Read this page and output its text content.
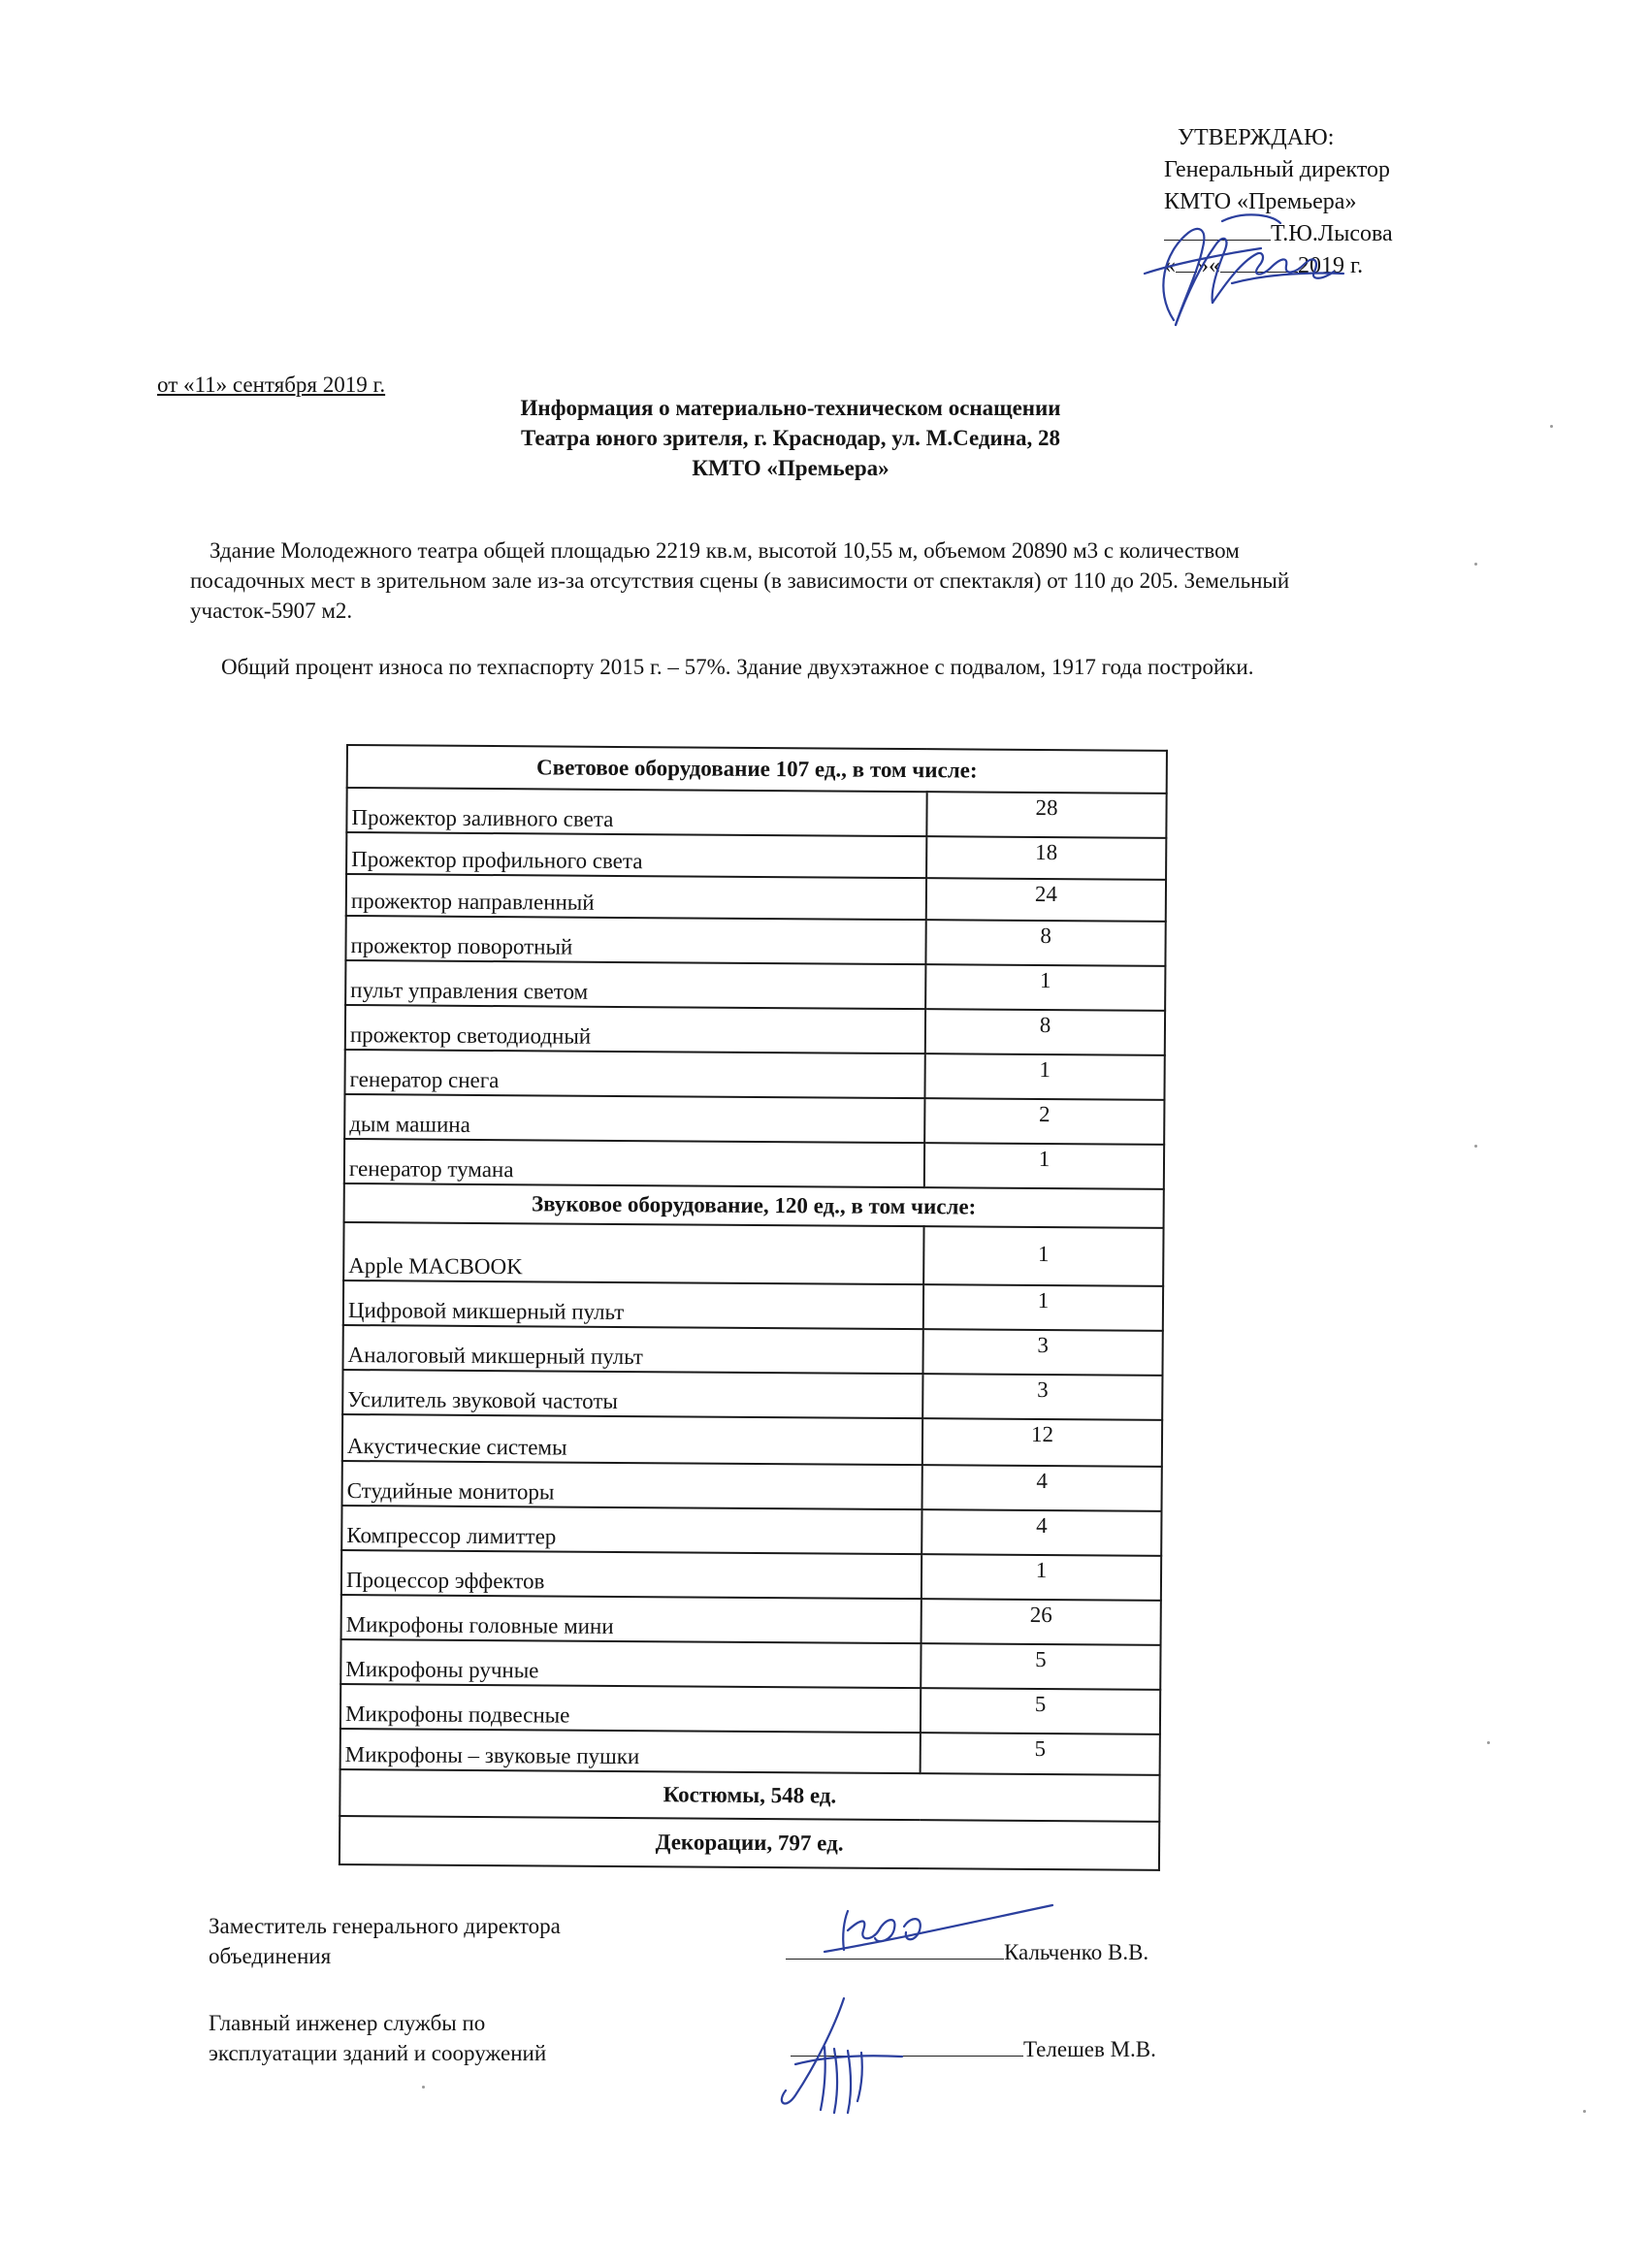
УТВЕРЖДАЮ:
Генеральный директор
КМТО «Премьера»
Т.Ю.Лысова
« »«	2019 г.
от «11» сентября 2019 г.
Информация о материально-техническом оснащении
Театра юного зрителя, г. Краснодар, ул. М.Седина, 28
КМТО «Премьера»
Здание Молодежного театра общей площадью 2219 кв.м, высотой 10,55 м, объемом 20890 м3 с количеством
посадочных мест в зрительном зале из-за отсутствия сцены (в зависимости от спектакля) от 110 до 205. Земельный
участок-5907 м2.
Общий процент износа по техпаспорту 2015 г. – 57%. Здание двухэтажное с подвалом, 1917 года постройки.
Световое оборудование 107 ед., в том числе:	
Прожектор заливного света	28
Прожектор профильного света	18
прожектор направленный	24
прожектор поворотный	8
пульт управления светом	1
прожектор светодиодный	8
генератор снега	1
дым машина	2
генератор тумана	1
Звуковое оборудование, 120 ед., в том числе:	
Apple MACBOOK	1
Цифровой микшерный пульт	1
Аналоговый микшерный пульт	3
Усилитель звуковой частоты	3
Акустические системы	12
Студийные мониторы	4
Компрессор лимиттер	4
Процессор эффектов	1
Микрофоны головные мини	26
Микрофоны ручные	5
Микрофоны подвесные	5
Микрофоны – звуковые пушки	5
Костюмы, 548 ед.	
Декорации, 797 ед.	
Заместитель генерального директора
объединения	Кальченко В.В.
Главный инженер службы по
эксплуатации зданий и сооружений	Телешев М.В.
